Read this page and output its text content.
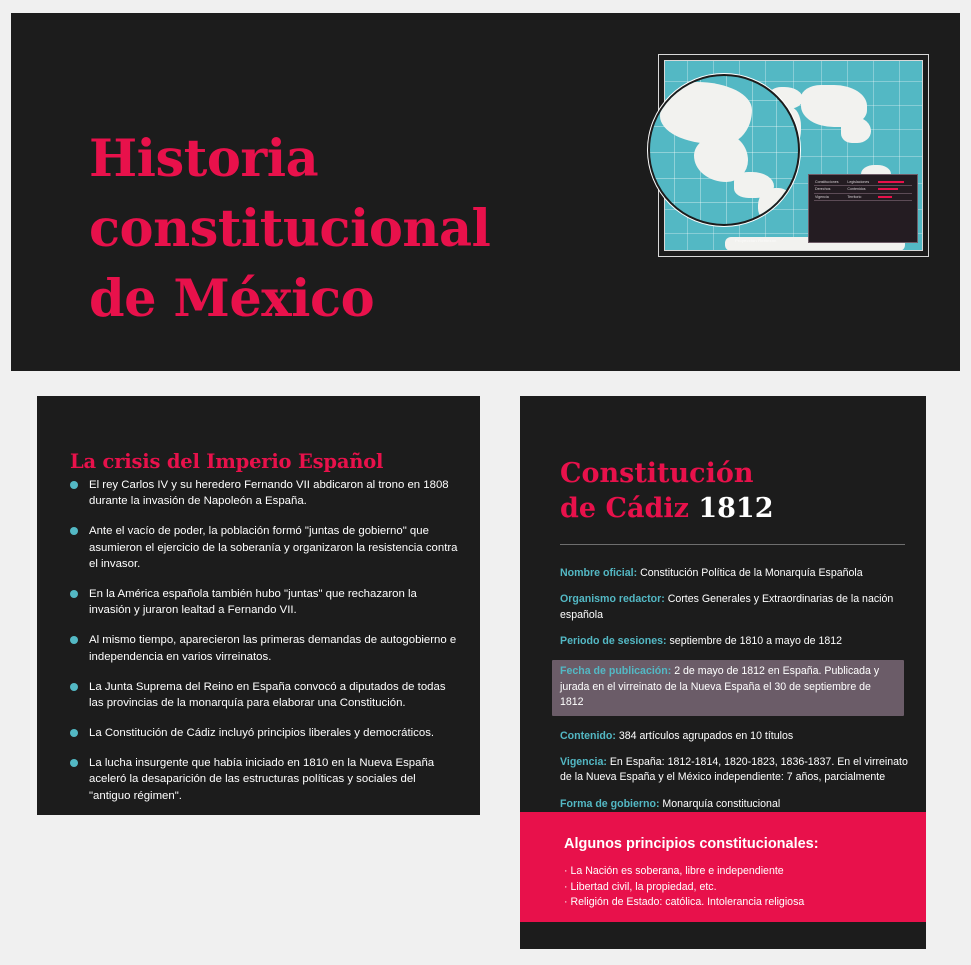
Historia
constitucional
de México
Constituciones	Legislaciones	

Derechos	Contenidos	

Vigencia	Territorio	
Proyección Robinson
La crisis del Imperio Español
El rey Carlos IV y su heredero Fernando VII abdicaron al trono en 1808 durante la invasión de Napoleón a España.
Ante el vacío de poder, la población formó "juntas de gobierno" que asumieron el ejercicio de la soberanía y organizaron la resistencia contra el invasor.
En la América española también hubo "juntas" que rechazaron la invasión y juraron lealtad a Fernando VII.
Al mismo tiempo, aparecieron las primeras demandas de autogobierno e independencia en varios virreinatos.
La Junta Suprema del Reino en España convocó a diputados de todas las provincias de la monarquía para elaborar una Constitución.
La Constitución de Cádiz incluyó principios liberales y democráticos.
La lucha insurgente que había iniciado en 1810 en la Nueva España aceleró la desaparición de las estructuras políticas y sociales del "antiguo régimen".
Constitución
de Cádiz 1812
Nombre oficial: Constitución Política de la Monarquía Española
Organismo redactor: Cortes Generales y Extraordinarias de la nación española
Periodo de sesiones: septiembre de 1810 a mayo de 1812
Fecha de publicación: 2 de mayo de 1812 en España. Publicada y jurada en el virreinato de la Nueva España el 30 de septiembre de 1812
Contenido: 384 artículos agrupados en 10 títulos
Vigencia: En España: 1812-1814, 1820-1823, 1836-1837. En el virreinato de la Nueva España y el México independiente: 7 años, parcialmente
Forma de gobierno: Monarquía constitucional
Algunos principios constitucionales:
· La Nación es soberana, libre e independiente
· Libertad civil, la propiedad, etc.
· Religión de Estado: católica. Intolerancia religiosa
